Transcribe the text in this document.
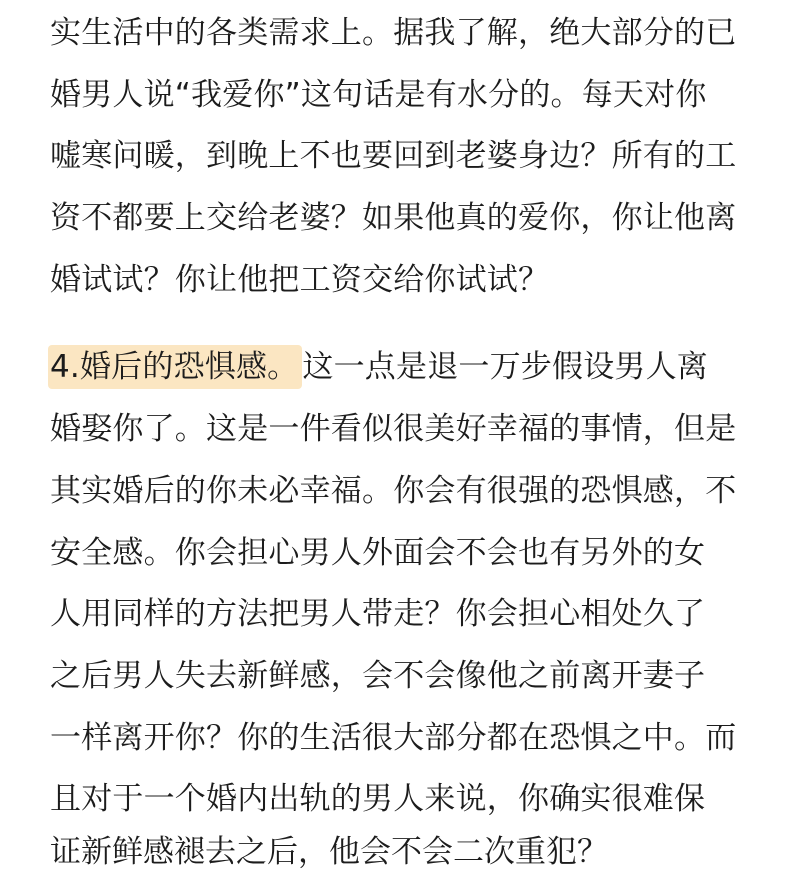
实生活中的各类需求上。据我了解，绝大部分的已
婚男人说“我爱你”这句话是有水分的。每天对你
嘘寒问暖，到晚上不也要回到老婆身边？所有的工
资不都要上交给老婆？如果他真的爱你，你让他离
婚试试？你让他把工资交给你试试？
4.婚后的恐惧感。 这一点是退一万步假设男人离
婚娶你了。这是一件看似很美好幸福的事情，但是
其实婚后的你未必幸福。你会有很强的恐惧感，不
安全感。你会担心男人外面会不会也有另外的女
人用同样的方法把男人带走？你会担心相处久了
之后男人失去新鲜感，会不会像他之前离开妻子
一样离开你？你的生活很大部分都在恐惧之中。而
且对于一个婚内出轨的男人来说，你确实很难保
证新鲜感褪去之后，他会不会二次重犯？
